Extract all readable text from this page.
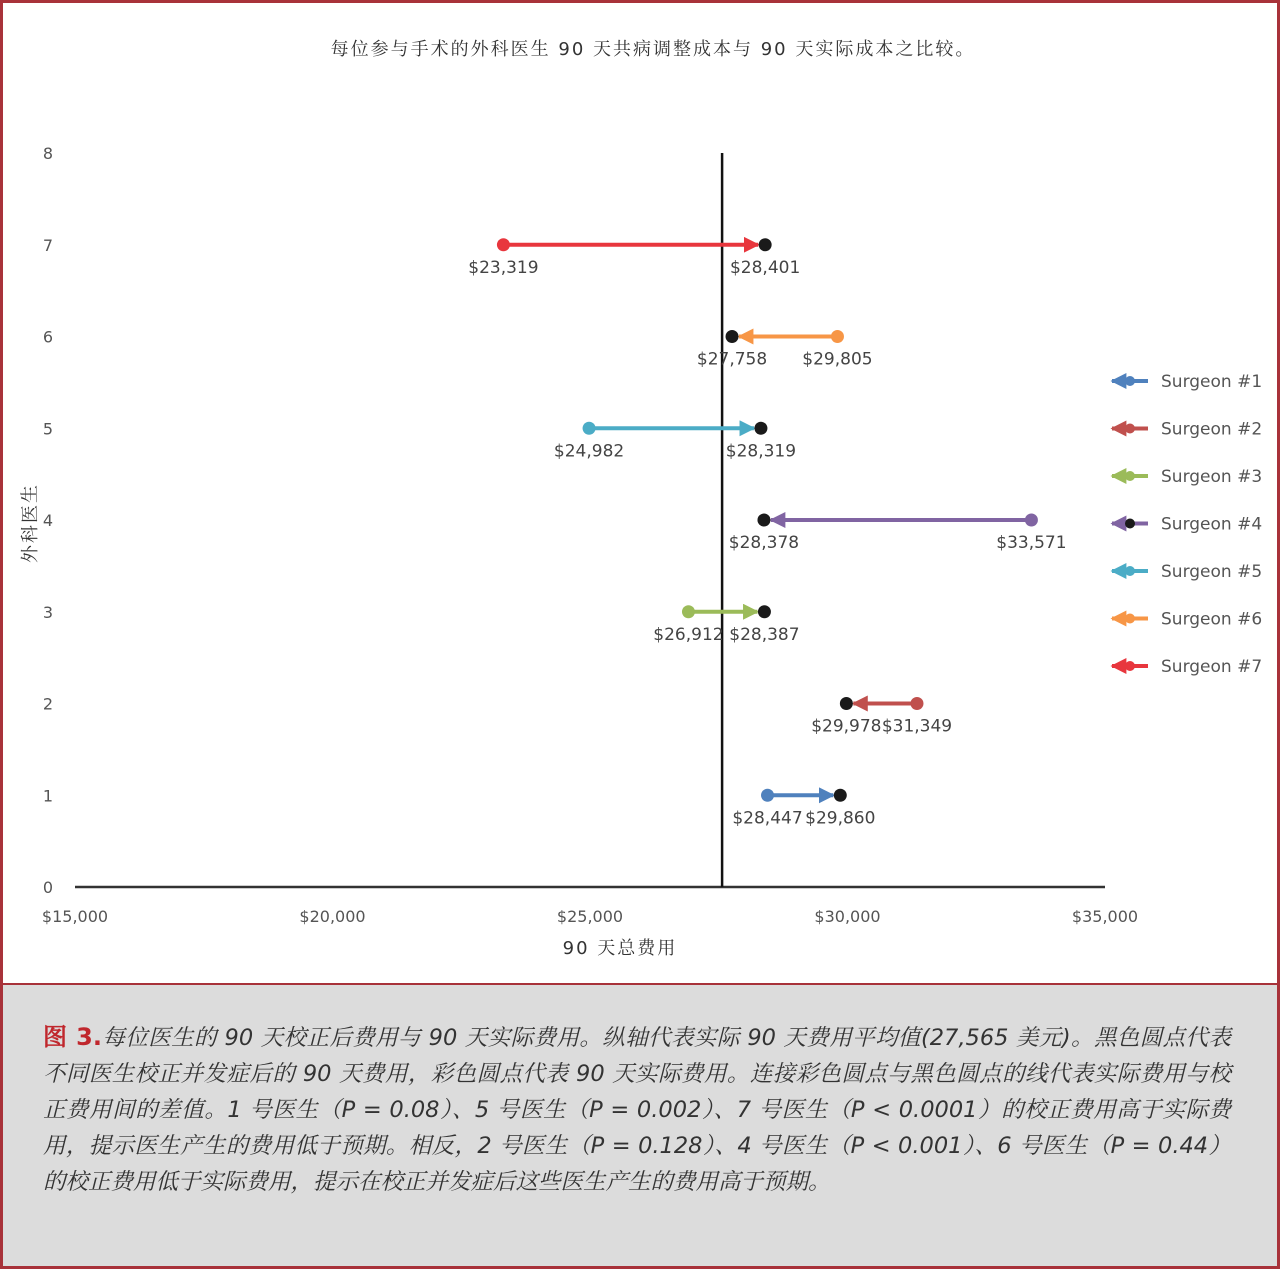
每位参与手术的外科医生 90 天共病调整成本与 90 天实际成本之比较。
外科医生
90 天总费用
$15,000	$20,000	$25,000	$30,000	$35,000
0
1
2
3
4
5
6
7
8
$28,447 $29,860
$31,349
$29,978
$26,912 $28,387
$33,571
$28,378
$24,982	$28,319
$29,805
$27,758
$23,319	$28,401
Surgeon #1
Surgeon #2
Surgeon #3
Surgeon #4
Surgeon #5
Surgeon #6
Surgeon #7

图 3.每位医生的 90 天校正后费用与 90 天实际费用。纵轴代表实际 90 天费用平均值(27,565 美元)。黑色圆点代表不同医生校正并发症后的 90 天费用，彩色圆点代表 90 天实际费用。连接彩色圆点与黑色圆点的线代表实际费用与校正费用间的差值。1 号医生（P = 0.08）、5 号医生（P = 0.002）、7 号医生（P < 0.0001）的校正费用高于实际费用，提示医生产生的费用低于预期。相反，2 号医生（P = 0.128）、4 号医生（P < 0.001）、6 号医生（P = 0.44）的校正费用低于实际费用，提示在校正并发症后这些医生产生的费用高于预期。
